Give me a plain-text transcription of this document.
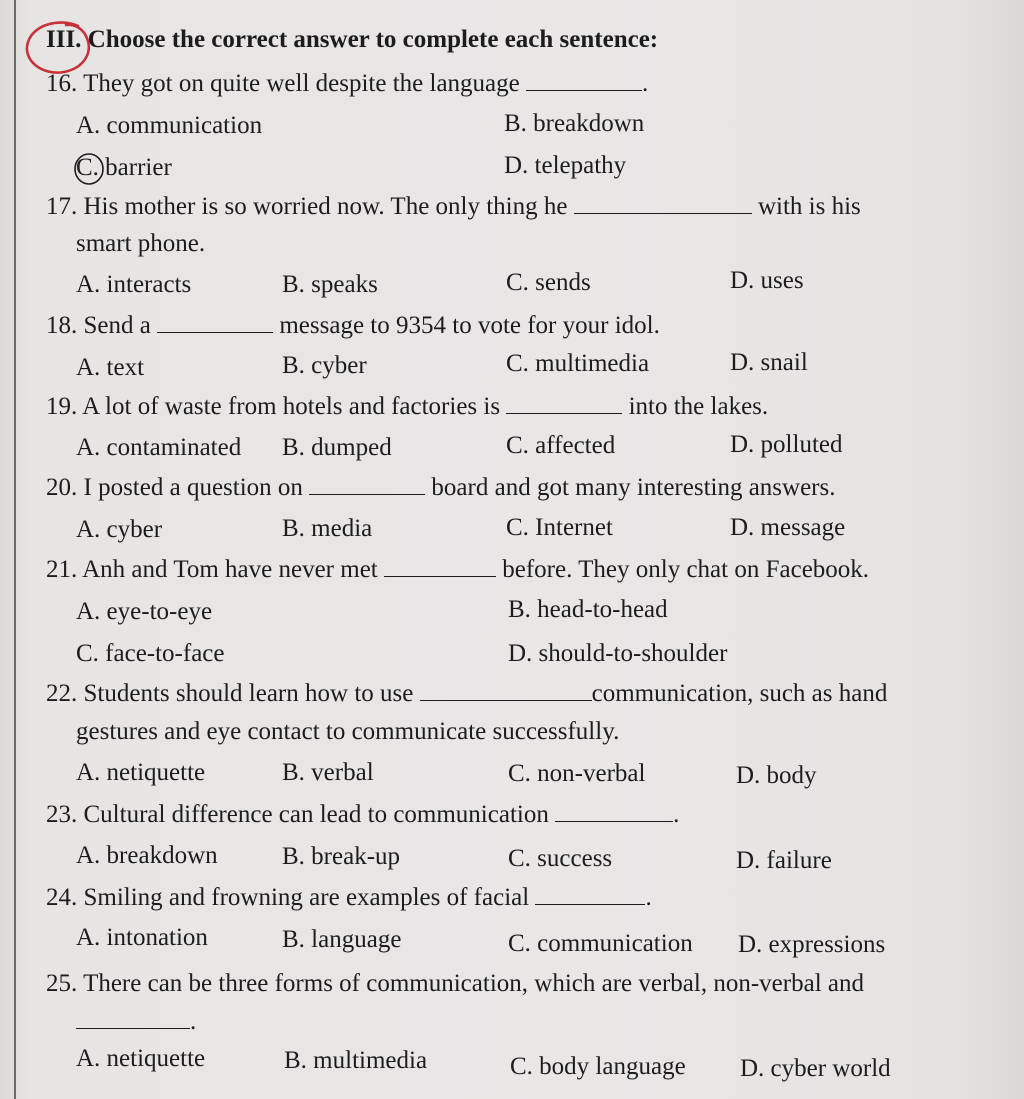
III. Choose the correct answer to complete each sentence:
16. They got on quite well despite the language	.
A. communication	B. breakdown
C. barrier	D. telepathy
17. His mother is so worried now. The only thing he	with is his
smart phone.
A. interacts	B. speaks	C. sends	D. uses
18. Send a	message to 9354 to vote for your idol.
A. text	B. cyber	C. multimedia	D. snail
19. A lot of waste from hotels and factories is	into the lakes.
A. contaminated B. dumped	C. affected	D. polluted
20. I posted a question on	board and got many interesting answers.
A. cyber	B. media	C. Internet	D. message
21. Anh and Tom have never met	before. They only chat on Facebook.
A. eye-to-eye	B. head-to-head
C. face-to-face	D. should-to-shoulder
22. Students should learn how to use	communication, such as hand
gestures and eye contact to communicate successfully.
A. netiquette	B. verbal	C. non-verbal	D. body
23. Cultural difference can lead to communication	.
A. breakdown	B. break-up	C. success	D. failure
24. Smiling and frowning are examples of facial	.
A. intonation	B. language	C. communication D. expressions
25. There can be three forms of communication, which are verbal, non-verbal and
.
A. netiquette	B. multimedia	C. body language D. cyber world
